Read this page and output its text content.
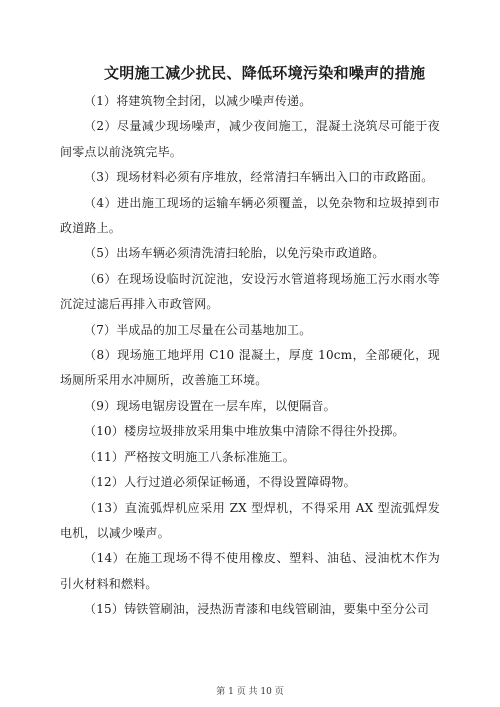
文明施工减少扰民、降低环境污染和噪声的措施

（1）将建筑物全封闭，以减少噪声传递。

（2）尽量减少现场噪声，减少夜间施工，混凝土浇筑尽可能于夜间零点以前浇筑完毕。

（3）现场材料必须有序堆放，经常清扫车辆出入口的市政路面。

（4）进出施工现场的运输车辆必须覆盖，以免杂物和垃圾掉到市政道路上。

（5）出场车辆必须清洗清扫轮胎，以免污染市政道路。

（6）在现场设临时沉淀池，安设污水管道将现场施工污水雨水等沉淀过滤后再排入市政管网。

（7）半成品的加工尽量在公司基地加工。

（8）现场施工地坪用 C10 混凝土，厚度 10cm，全部硬化，现场厕所采用水冲厕所，改善施工环境。

（9）现场电锯房设置在一层车库，以便隔音。

（10）楼房垃圾排放采用集中堆放集中清除不得往外投掷。

（11）严格按文明施工八条标准施工。

（12）人行过道必须保证畅通，不得设置障碍物。

（13）直流弧焊机应采用 ZX 型焊机，不得采用 AX 型流弧焊发电机，以减少噪声。

（14）在施工现场不得不使用橡皮、塑料、油毡、浸油枕木作为引火材料和燃料。

（15）铸铁管刷油，浸热沥青漆和电线管刷油，要集中至分公司

第 1 页 共 10 页
